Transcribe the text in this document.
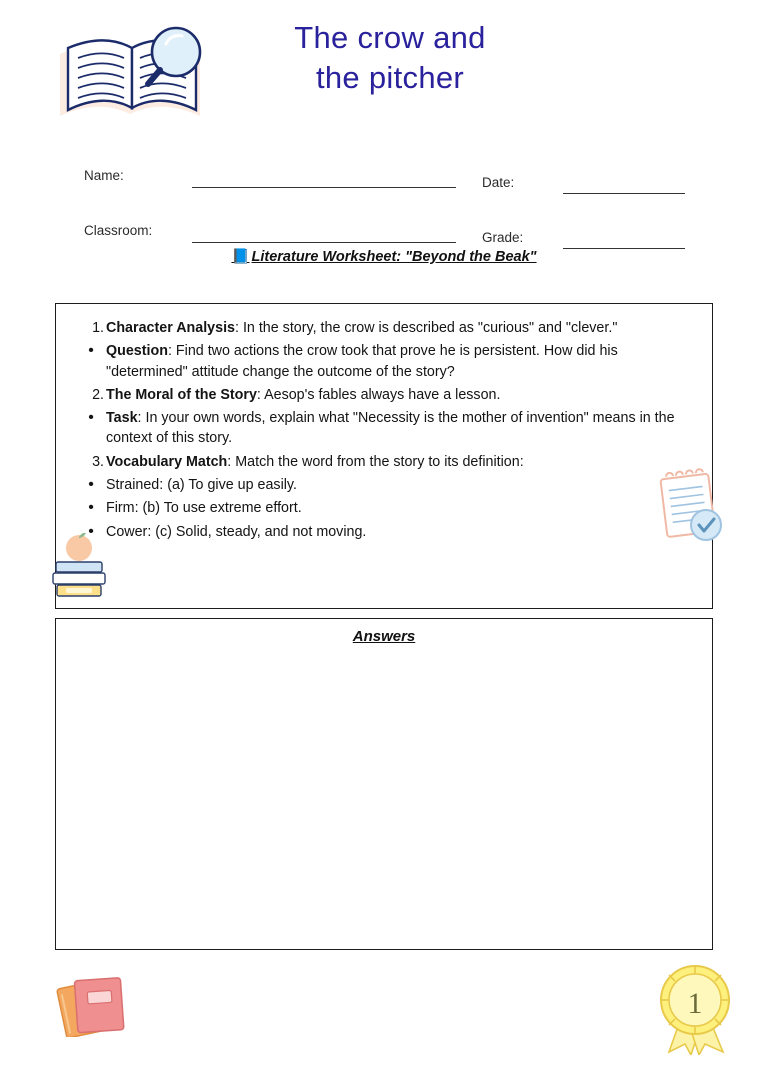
The crow and
the pitcher
Name:	Date:
Classroom:	Grade:
📘 Literature Worksheet: "Beyond the Beak"
1. Character Analysis: In the story, the crow is described as "curious" and "clever."
• Question: Find two actions the crow took that prove he is persistent. How did his "determined" attitude change the outcome of the story?
2. The Moral of the Story: Aesop's fables always have a lesson.
• Task: In your own words, explain what "Necessity is the mother of invention" means in the context of this story.
3. Vocabulary Match: Match the word from the story to its definition:
• Strained: (a) To give up easily.
• Firm: (b) To use extreme effort.
• Cower: (c) Solid, steady, and not moving.
Answers
1
